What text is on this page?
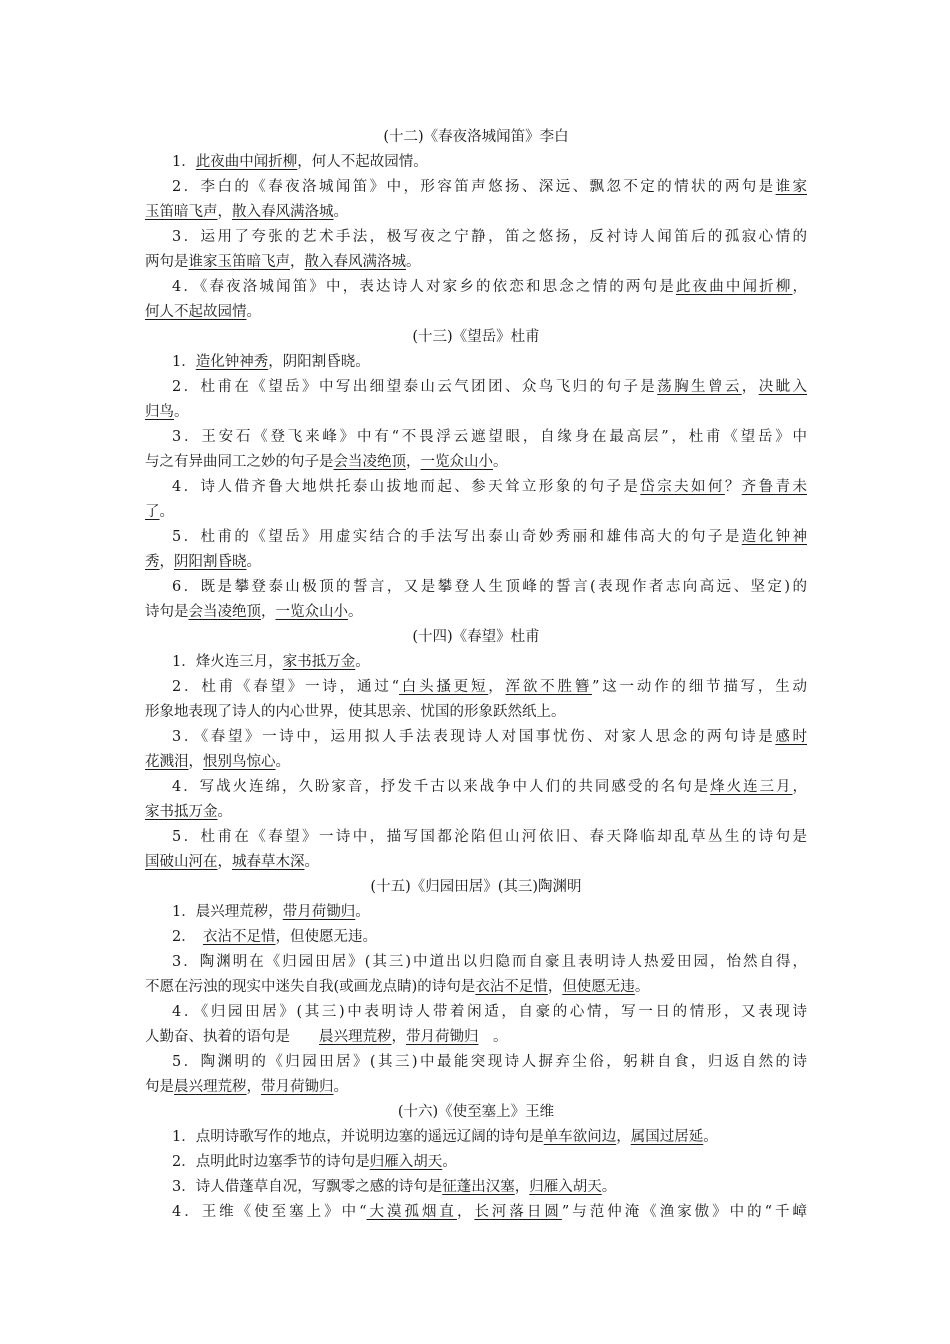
(十二)《春夜洛城闻笛》李白
1．此夜曲中闻折柳，何人不起故园情。
2．李白的《春夜洛城闻笛》中，形容笛声悠扬、深远、飘忽不定的情状的两句是谁家
玉笛暗飞声，散入春风满洛城。
3．运用了夸张的艺术手法，极写夜之宁静，笛之悠扬，反衬诗人闻笛后的孤寂心情的
两句是谁家玉笛暗飞声，散入春风满洛城。
4．《春夜洛城闻笛》中，表达诗人对家乡的依恋和思念之情的两句是此夜曲中闻折柳，
何人不起故园情。
(十三)《望岳》杜甫
1．造化钟神秀，阴阳割昏晓。
2．杜甫在《望岳》中写出细望泰山云气团团、众鸟飞归的句子是荡胸生曾云，决眦入
归鸟。
3．王安石《登飞来峰》中有“不畏浮云遮望眼，自缘身在最高层”，杜甫《望岳》中
与之有异曲同工之妙的句子是会当凌绝顶，一览众山小。
4．诗人借齐鲁大地烘托泰山拔地而起、参天耸立形象的句子是岱宗夫如何？齐鲁青未
了。
5．杜甫的《望岳》用虚实结合的手法写出泰山奇妙秀丽和雄伟高大的句子是造化钟神
秀，阴阳割昏晓。
6．既是攀登泰山极顶的誓言，又是攀登人生顶峰的誓言(表现作者志向高远、坚定)的
诗句是会当凌绝顶，一览众山小。
(十四)《春望》杜甫
1．烽火连三月，家书抵万金。
2．杜甫《春望》一诗，通过“白头搔更短，浑欲不胜簪”这一动作的细节描写，生动
形象地表现了诗人的内心世界，使其思亲、忧国的形象跃然纸上。
3．《春望》一诗中，运用拟人手法表现诗人对国事忧伤、对家人思念的两句诗是感时
花溅泪，恨别鸟惊心。
4．写战火连绵，久盼家音，抒发千古以来战争中人们的共同感受的名句是烽火连三月，
家书抵万金。
5．杜甫在《春望》一诗中，描写国都沦陷但山河依旧、春天降临却乱草丛生的诗句是
国破山河在，城春草木深。
(十五)《归园田居》(其三)陶渊明
1．晨兴理荒秽，带月荷锄归。
2．　衣沾不足惜，但使愿无违。
3．陶渊明在《归园田居》(其三)中道出以归隐而自豪且表明诗人热爱田园，怡然自得，
不愿在污浊的现实中迷失自我(或画龙点睛)的诗句是衣沾不足惜，但使愿无违。
4．《归园田居》(其三)中表明诗人带着闲适，自豪的心情，写一日的情形，又表现诗
人勤奋、执着的语句是　　晨兴理荒秽，带月荷锄归　。
5．陶渊明的《归园田居》(其三)中最能突现诗人摒弃尘俗，躬耕自食，归返自然的诗
句是晨兴理荒秽，带月荷锄归。
(十六)《使至塞上》王维
1．点明诗歌写作的地点，并说明边塞的遥远辽阔的诗句是单车欲问边，属国过居延。
2．点明此时边塞季节的诗句是归雁入胡天。
3．诗人借蓬草自况，写飘零之感的诗句是征蓬出汉塞，归雁入胡天。
4．王维《使至塞上》中“大漠孤烟直，长河落日圆”与范仲淹《渔家傲》中的“千嶂
